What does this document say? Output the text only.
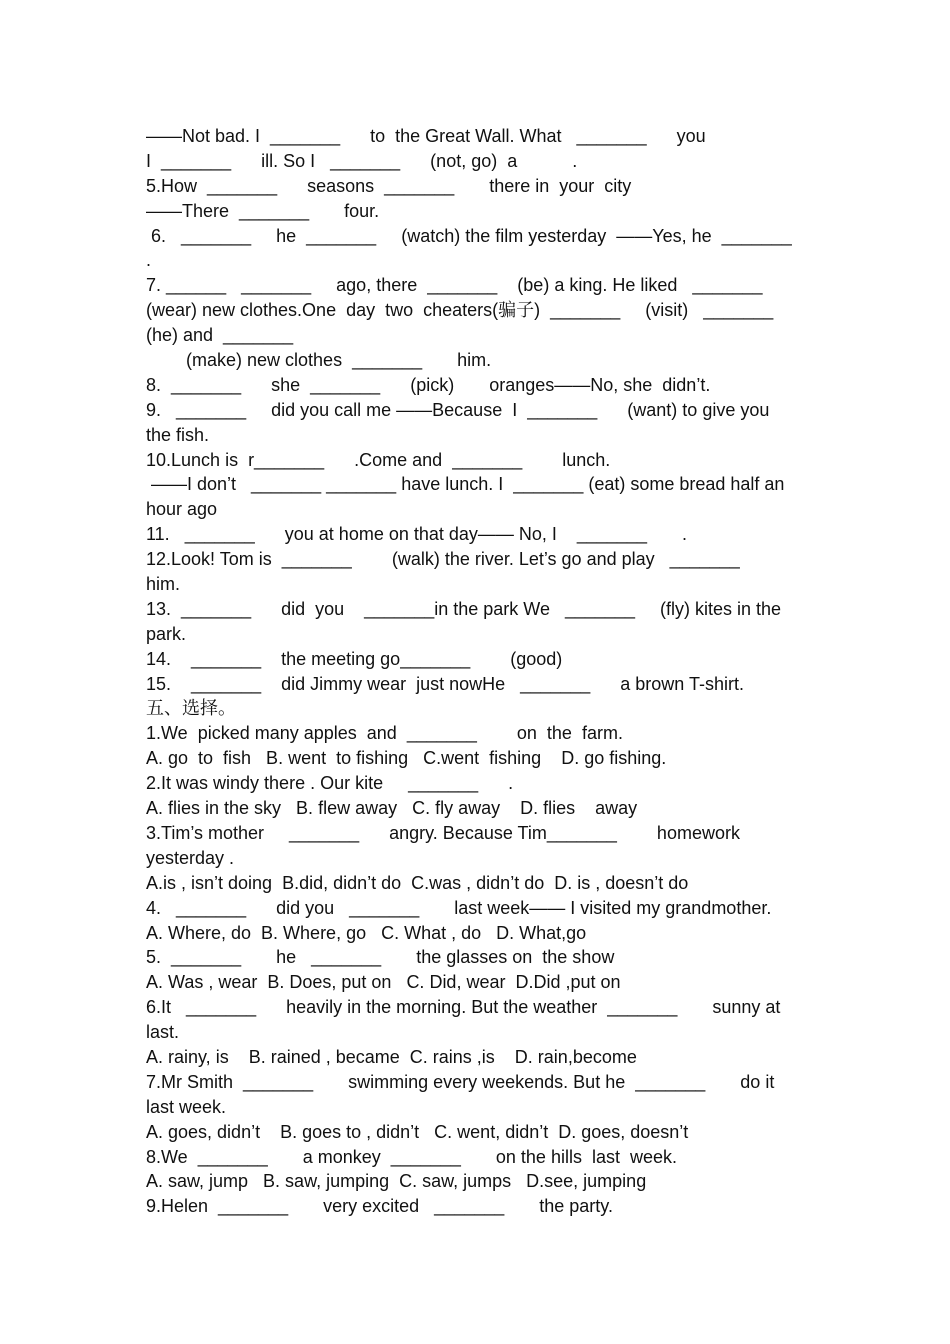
——Not bad. I  _______      to  the Great Wall. What   _______      you
I  _______      ill. So I   _______      (not, go)  a           .
5.How  _______      seasons  _______       there in  your  city
——There  _______       four.
6.   _______     he  _______     (watch) the film yesterday  ——Yes, he  _______
.
7. ______   _______     ago, there  _______    (be) a king. He liked   _______
(wear) new clothes.One  day  two  cheaters(骗子)  _______     (visit)   _______
(he) and  _______
(make) new clothes  _______       him.
8.  _______      she  _______      (pick)       oranges——No, she  didn’t.
9.   _______     did you call me ——Because  I  _______      (want) to give you
the fish.
10.Lunch is  r_______      .Come and  _______        lunch.
——I don’t   _______ _______ have lunch. I  _______ (eat) some bread half an
hour ago
11.   _______      you at home on that day—— No, I    _______       .
12.Look! Tom is  _______        (walk) the river. Let’s go and play   _______
him.
13.  _______      did  you    _______in the park We   _______     (fly) kites in the
park.
14.    _______    the meeting go_______        (good)
15.    _______    did Jimmy wear  just nowHe   _______      a brown T-shirt.
五、选择。
1.We  picked many apples  and  _______        on  the  farm.
A. go  to  fish   B. went  to fishing   C.went  fishing    D. go fishing.
2.It was windy there . Our kite     _______      .
A. flies in the sky   B. flew away   C. fly away    D. flies    away
3.Tim’s mother     _______      angry. Because Tim_______        homework
yesterday .
A.is , isn’t doing  B.did, didn’t do  C.was , didn’t do  D. is , doesn’t do
4.   _______      did you   _______       last week—— I visited my grandmother.
A. Where, do  B. Where, go   C. What , do   D. What,go
5.  _______       he   _______       the glasses on  the show
A. Was , wear  B. Does, put on   C. Did, wear  D.Did ,put on
6.It   _______      heavily in the morning. But the weather  _______       sunny at
last.
A. rainy, is    B. rained , became  C. rains ,is    D. rain,become
7.Mr Smith  _______       swimming every weekends. But he  _______       do it
last week.
A. goes, didn’t    B. goes to , didn’t   C. went, didn’t  D. goes, doesn’t
8.We  _______       a monkey  _______       on the hills  last  week.
A. saw, jump   B. saw, jumping  C. saw, jumps   D.see, jumping
9.Helen  _______       very excited   _______       the party.
